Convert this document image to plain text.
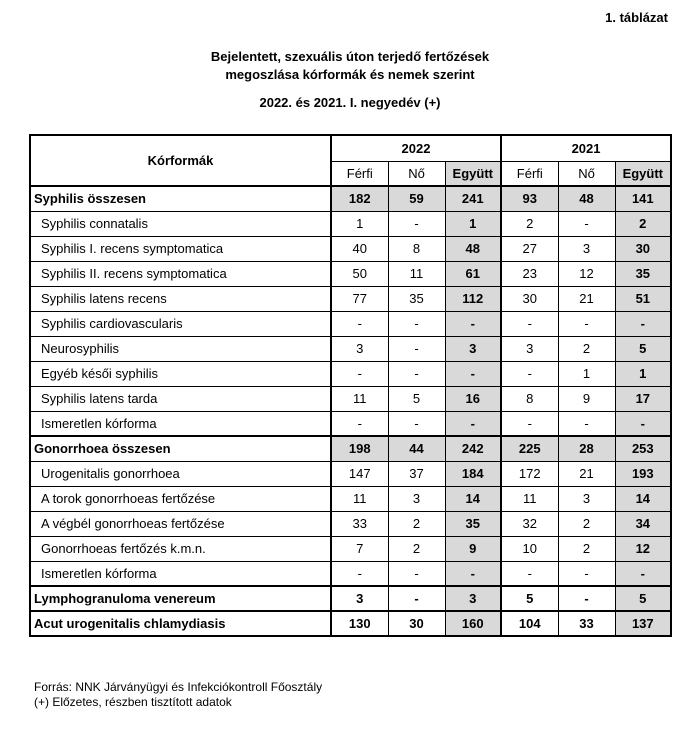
1. táblázat
Bejelentett, szexuális úton terjedő fertőzések
megoszlása kórformák és nemek szerint
2022. és 2021. I. negyedév (+)
Kórformák	2022			2021		
	Férfi	Nő	Együtt	Férfi	Nő	Együtt
Syphilis összesen	182	59	241	93	48	141
Syphilis connatalis	1	-	1	2	-	2
Syphilis I. recens symptomatica	40	8	48	27	3	30
Syphilis II. recens symptomatica	50	11	61	23	12	35
Syphilis latens recens	77	35	112	30	21	51
Syphilis cardiovascularis	-	-	-	-	-	-
Neurosyphilis	3	-	3	3	2	5
Egyéb késői syphilis	-	-	-	-	1	1
Syphilis latens tarda	11	5	16	8	9	17
Ismeretlen kórforma	-	-	-	-	-	-
Gonorrhoea összesen	198	44	242	225	28	253
Urogenitalis gonorrhoea	147	37	184	172	21	193
A torok gonorrhoeas fertőzése	11	3	14	11	3	14
A végbél gonorrhoeas fertőzése	33	2	35	32	2	34
Gonorrhoeas fertőzés k.m.n.	7	2	9	10	2	12
Ismeretlen kórforma	-	-	-	-	-	-
Lymphogranuloma venereum	3	-	3	5	-	5
Acut urogenitalis chlamydiasis	130	30	160	104	33	137
Forrás: NNK Járványügyi és Infekciókontroll Főosztály
(+) Előzetes, részben tisztított adatok
